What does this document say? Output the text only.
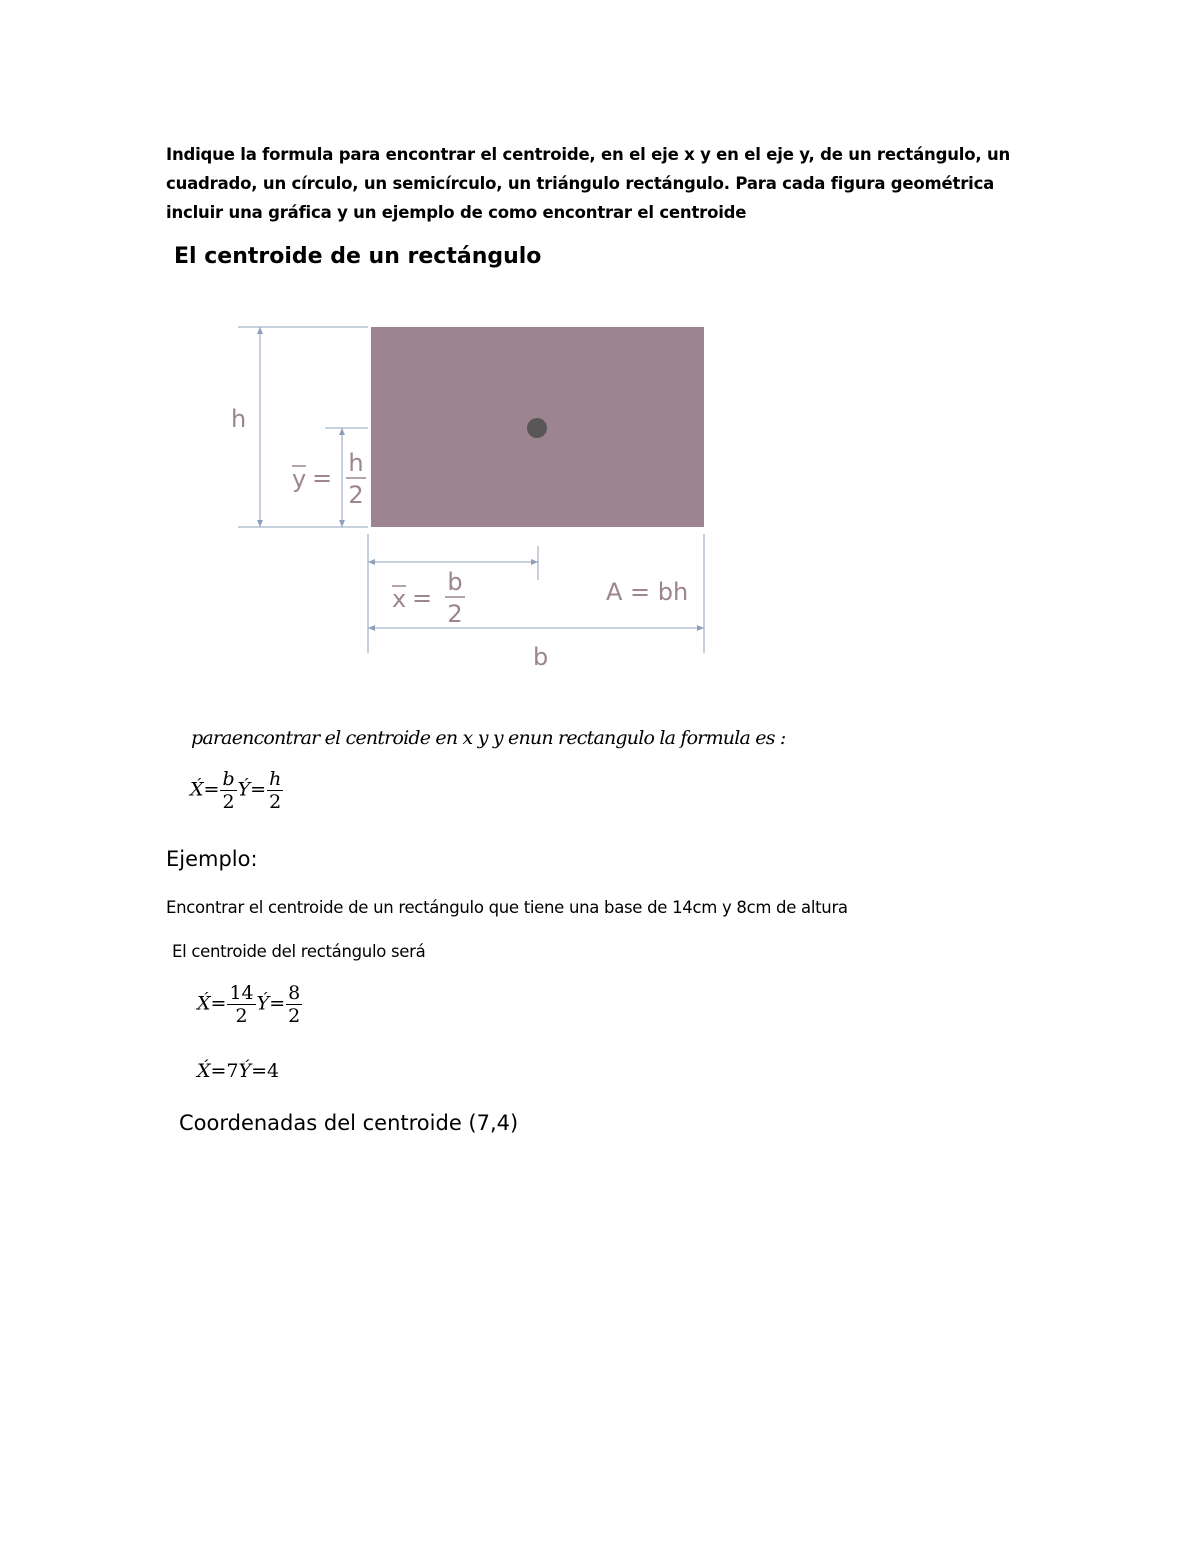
Indique la formula para encontrar el centroide, en el eje x y en el eje y, de un rectángulo, un cuadrado, un círculo, un semicírculo, un triángulo rectángulo. Para cada figura geométrica incluir una gráfica y un ejemplo de como encontrar el centroide
El centroide de un rectángulo
h
y =
h
2
x =
b
2
A = bh
b
paraencontrar el centroide en x y y enun rectangulo la formula es :
X́= $\frac{b}{2}$ Ý= $\frac{h}{2}$
Ejemplo:
Encontrar el centroide de un rectángulo que tiene una base de 14cm y 8cm de altura
El centroide del rectángulo será
X́= $\frac{14}{2}$ Ý= $\frac{8}{2}$
X́=7Ý=4
Coordenadas del centroide (7,4)
